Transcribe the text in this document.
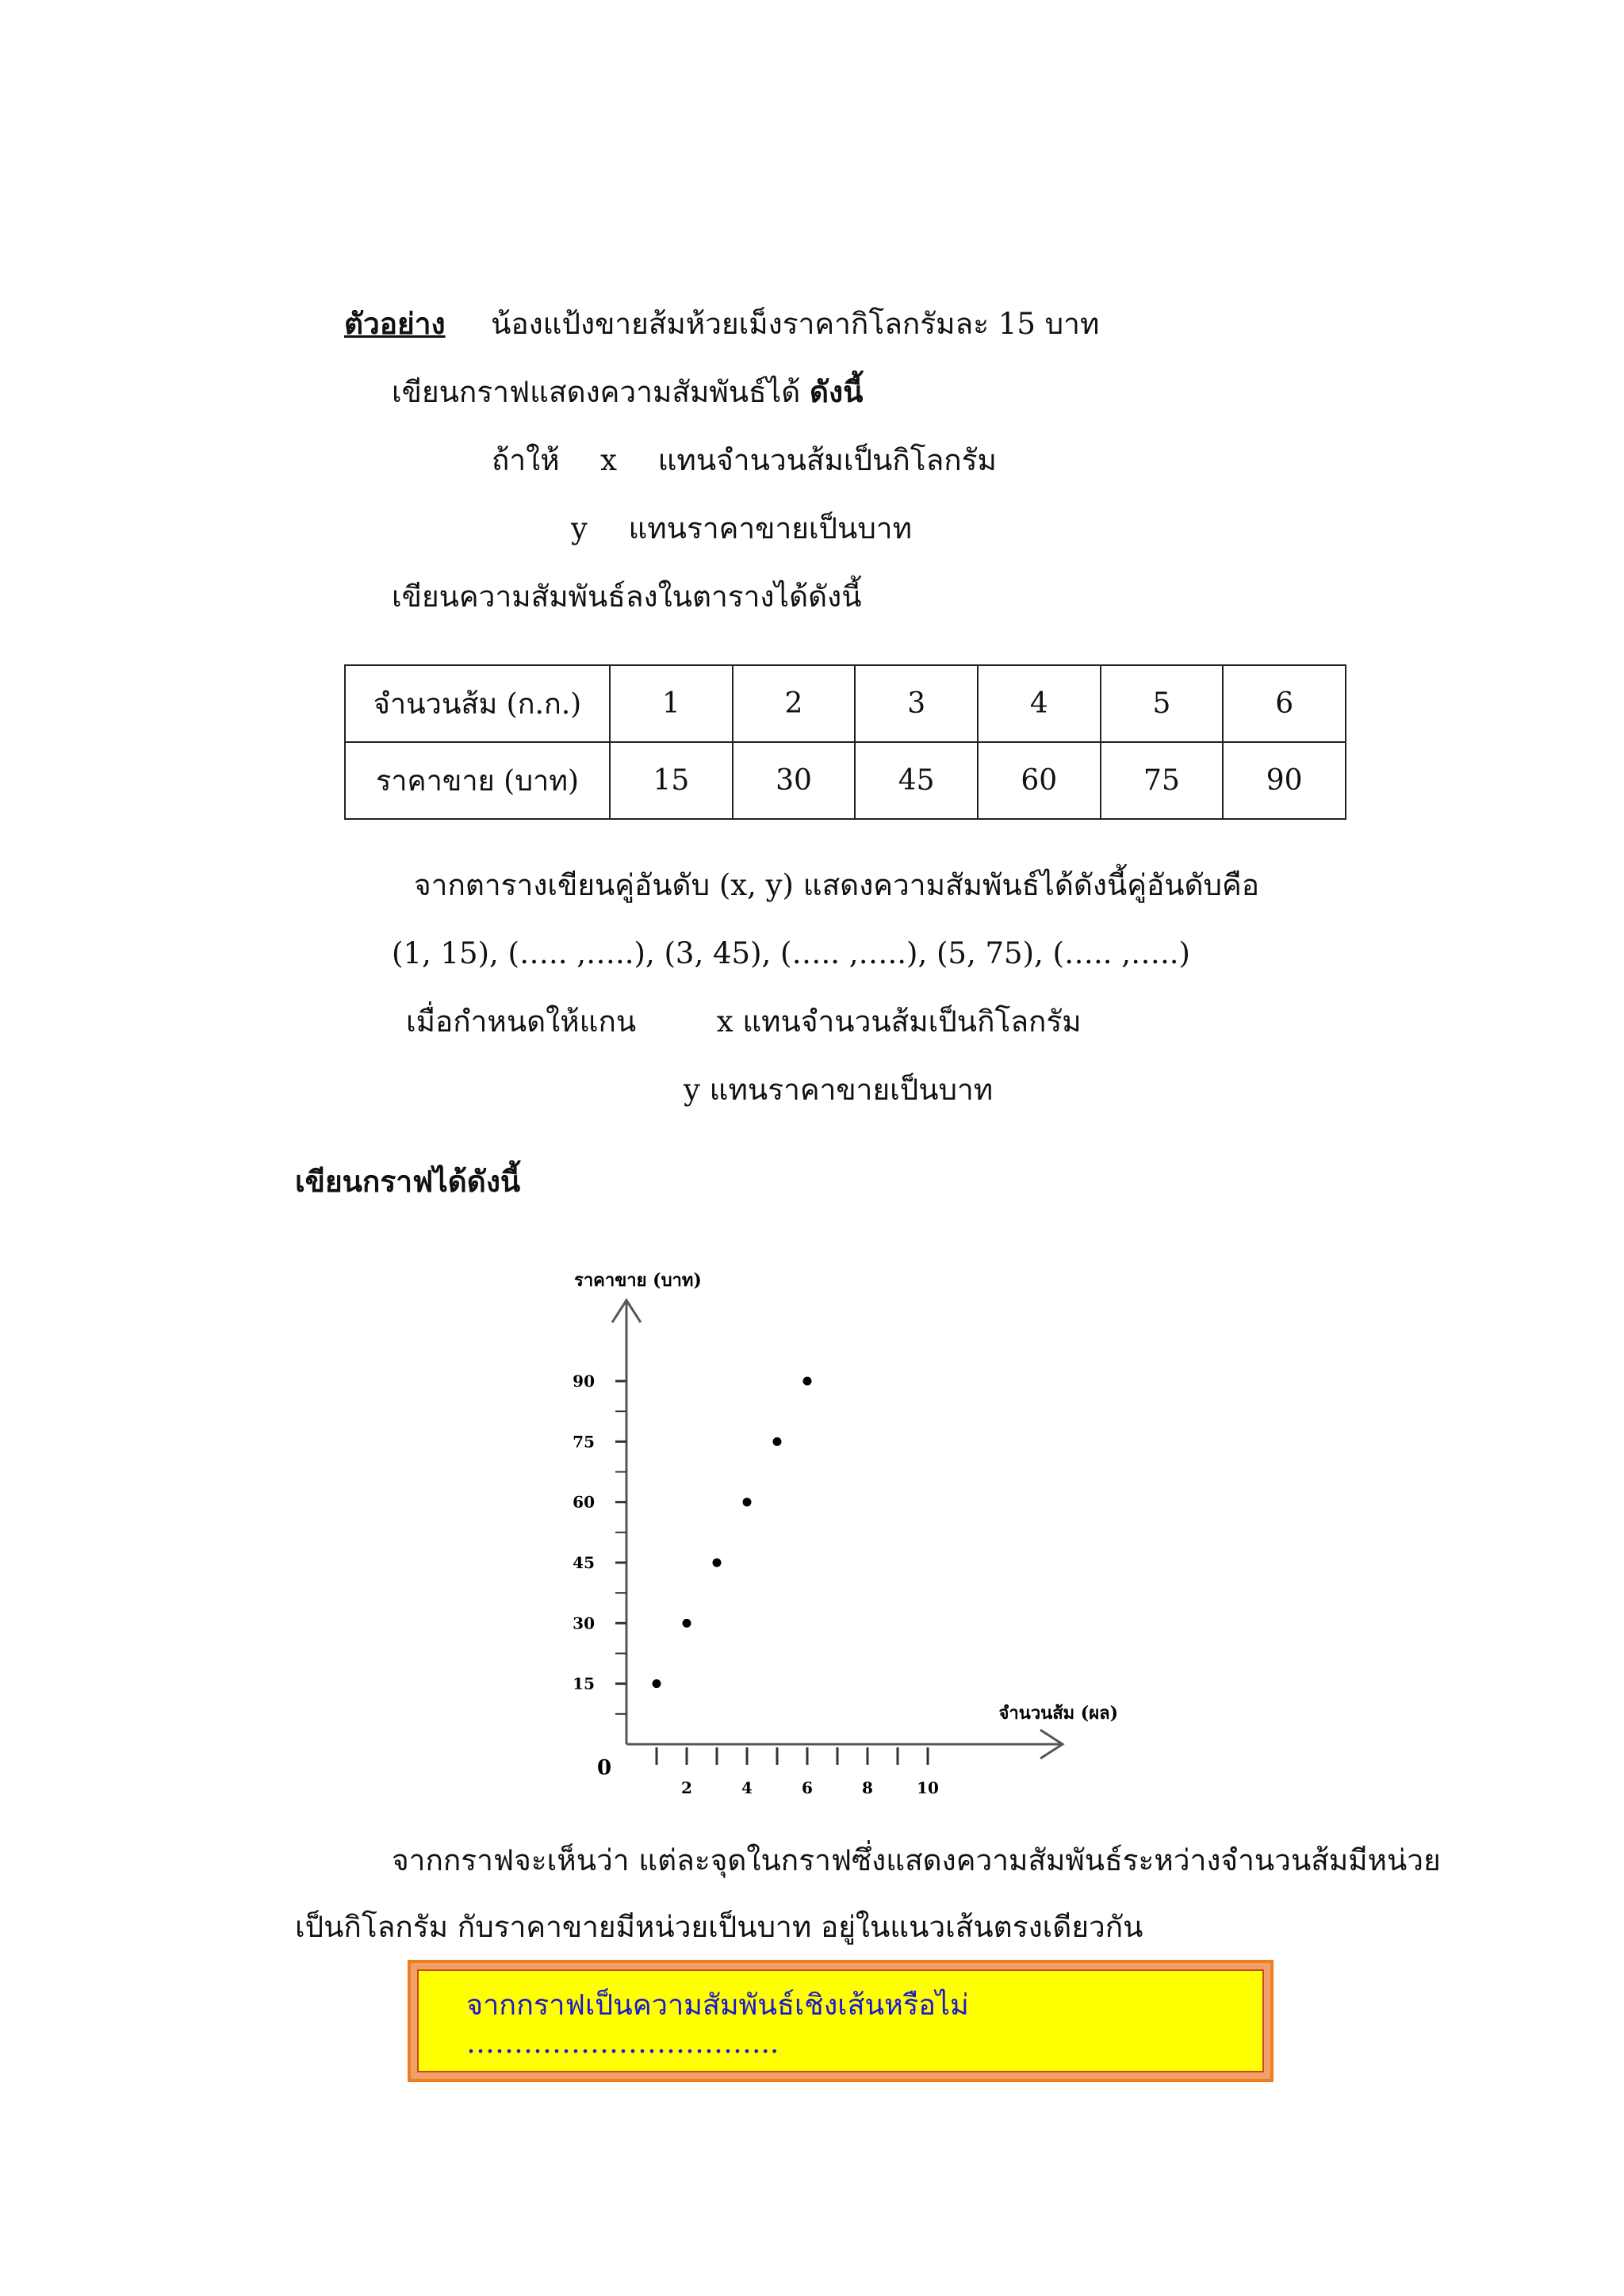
ตัวอย่าง น้องแป้งขายส้มห้วยเม็งราคากิโลกรัมละ 15 บาท
เขียนกราฟแสดงความสัมพันธ์ได้ ดังนี้
ถ้าให้ x แทนจำนวนส้มเป็นกิโลกรัม
y แทนราคาขายเป็นบาท
เขียนความสัมพันธ์ลงในตารางได้ดังนี้
จำนวนส้ม (ก.ก.)	1	2	3	4	5	6
ราคาขาย (บาท)	15	30	45	60	75	90
จากตารางเขียนคู่อันดับ (x, y) แสดงความสัมพันธ์ได้ดังนี้คู่อันดับคือ
(1, 15), (….. ,…..), (3, 45), (….. ,…..), (5, 75), (….. ,…..)
เมื่อกำหนดให้แกน	x แทนจำนวนส้มเป็นกิโลกรัม
y แทนราคาขายเป็นบาท
เขียนกราฟได้ดังนี้
15
30
45
60
75
90
2	4	6	8	10
0
ราคาขาย (บาท)
จำนวนส้ม (ผล)
จากกราฟจะเห็นว่า แต่ละจุดในกราฟซึ่งแสดงความสัมพันธ์ระหว่างจำนวนส้มมีหน่วย
เป็นกิโลกรัม กับราคาขายมีหน่วยเป็นบาท อยู่ในแนวเส้นตรงเดียวกัน
จากกราฟเป็นความสัมพันธ์เชิงเส้นหรือไม่ …………………………...
